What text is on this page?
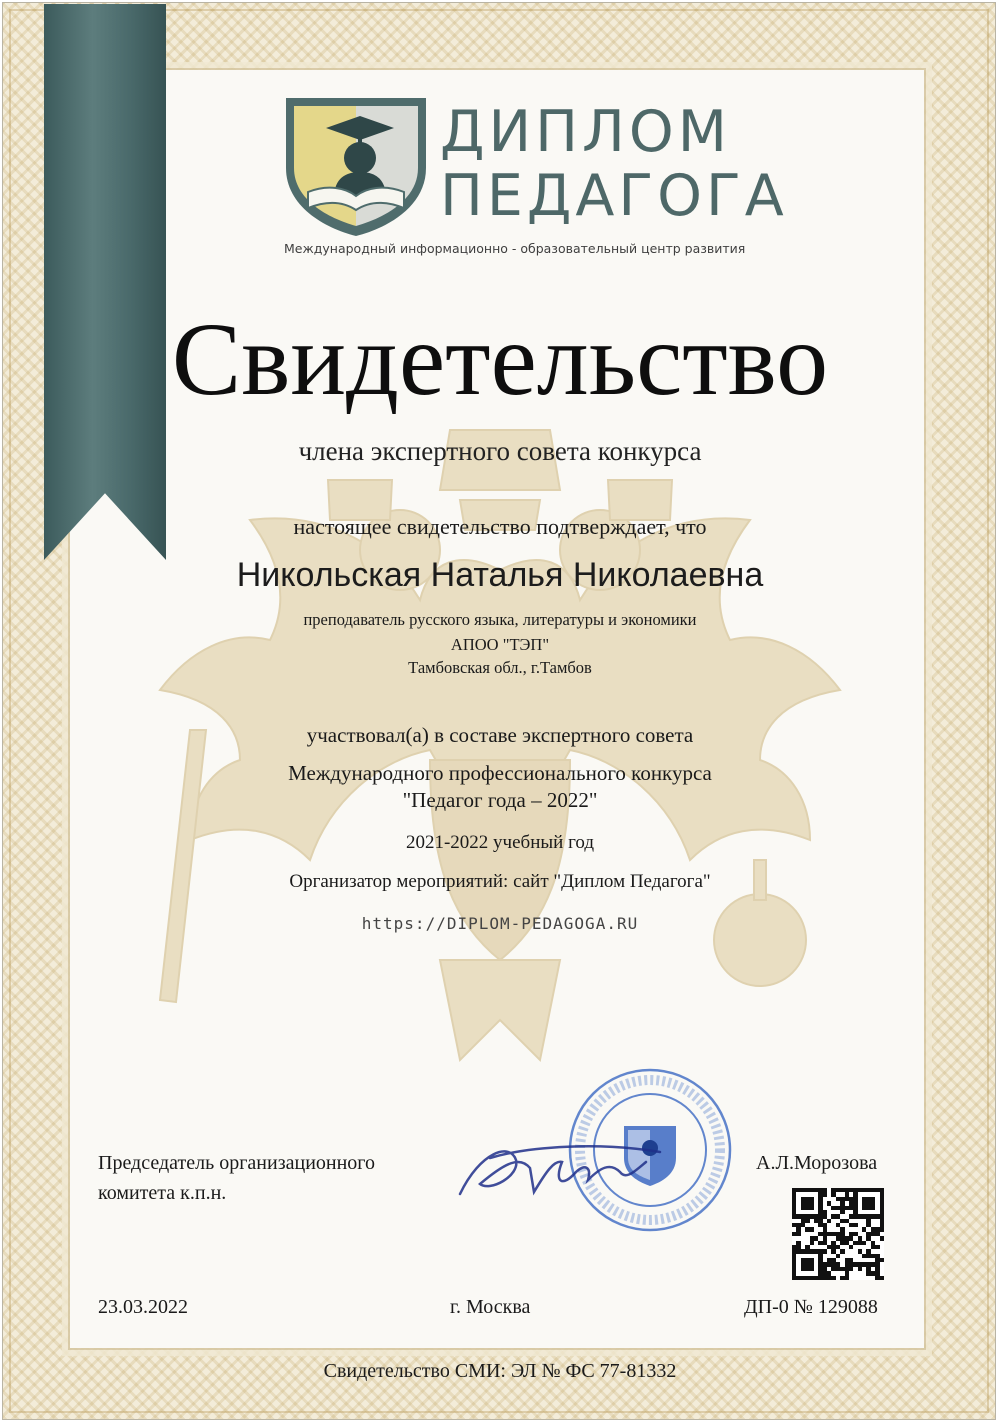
ДИПЛОМ
ПЕДАГОГА
Международный информационно - образовательный центр развития
Свидетельство
члена экспертного совета конкурса
настоящее свидетельство подтверждает, что
Никольская Наталья Николаевна
преподаватель русского языка, литературы и экономики
АПОО "ТЭП"
Тамбовская обл., г.Тамбов
участвовал(а) в составе экспертного совета
Международного профессионального конкурса
"Педагог года – 2022"
2021-2022 учебный год
Организатор мероприятий: сайт "Диплом Педагога"
https://DIPLOM-PEDAGOGA.RU
Председатель организационного
комитета к.п.н.
А.Л.Морозова
23.03.2022	г. Москва	ДП-0 № 129088
Свидетельство СМИ: ЭЛ № ФС 77-81332
